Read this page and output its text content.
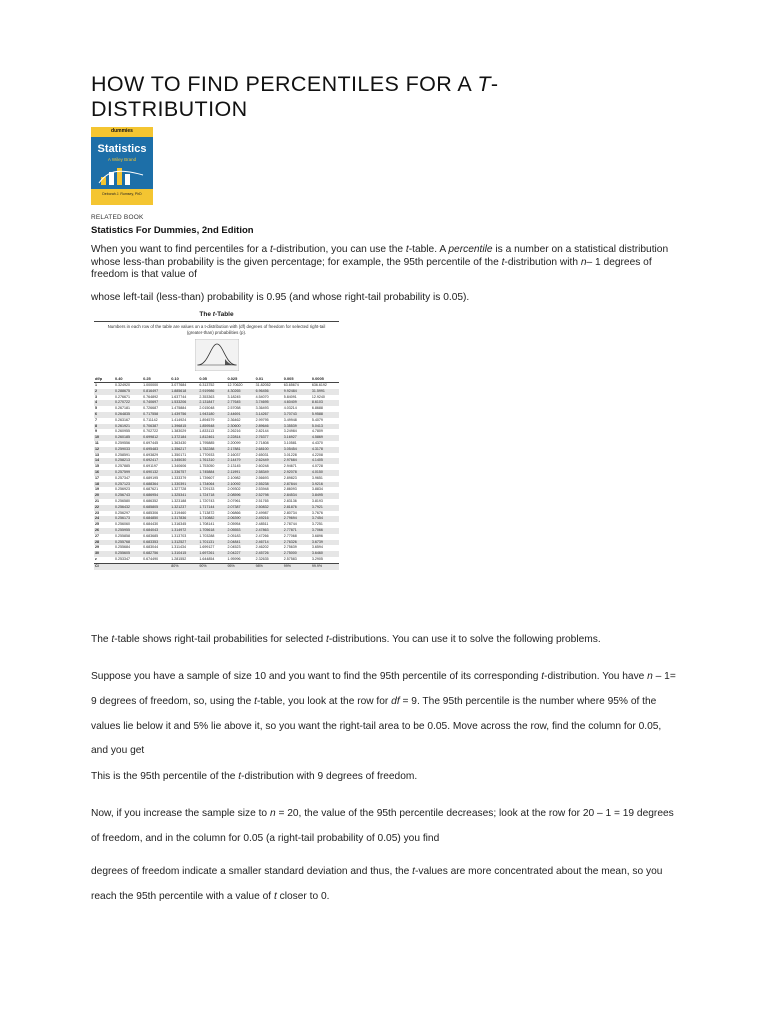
HOW TO FIND PERCENTILES FOR A T-
DISTRIBUTION
dummies
Statistics
A Wiley Brand
Deborah J. Rumsey, PhD
RELATED BOOK
Statistics For Dummies, 2nd Edition

When you want to find percentiles for a t-distribution, you can use the t-table. A percentile is a number on a statistical distribution whose less-than probability is the given percentage; for example, the 95th percentile of the t-distribution with n– 1 degrees of freedom is that value of

whose left-tail (less-than) probability is 0.95 (and whose right-tail probability is 0.05).

The t-Table
Numbers in each row of the table are values on a t-distribution with (df) degrees of freedom for selected right-tail (greater-than) probabilities (p).
df/p	0.40	0.25	0.10	0.05	0.025	0.01	0.005	0.0005
1	0.324920	1.000000	3.077684	6.313752	12.70620	31.82052	63.65674	636.6192
2	0.288675	0.816497	1.885618	2.919986	4.30265	6.96456	9.92484	31.5991
3	0.276671	0.764892	1.637744	2.353363	3.18245	4.54070	5.84091	12.9240
4	0.270722	0.740697	1.533206	2.131847	2.77645	3.74695	4.60409	8.6103
5	0.267181	0.726687	1.475884	2.015048	2.57058	3.36493	4.03214	6.8688
6	0.264835	0.717558	1.439756	1.943180	2.44691	3.14267	3.70743	5.9588
7	0.263167	0.711142	1.414924	1.894579	2.36462	2.99795	3.49948	5.4079
8	0.261921	0.706387	1.396815	1.859548	2.30600	2.89646	3.35539	5.0413
9	0.260955	0.702722	1.383029	1.833113	2.26216	2.82144	3.24984	4.7809
10	0.260185	0.699812	1.372184	1.812461	2.22814	2.76377	3.16927	4.5869
11	0.259556	0.697445	1.363430	1.795885	2.20099	2.71808	3.10581	4.4370
12	0.259033	0.695483	1.356217	1.782288	2.17881	2.68100	3.05454	4.3178
13	0.258591	0.693829	1.350171	1.770933	2.16037	2.65031	3.01228	4.2208
14	0.258213	0.692417	1.345030	1.761310	2.14479	2.62449	2.97684	4.1405
15	0.257885	0.691197	1.340606	1.753050	2.13145	2.60248	2.94671	4.0728
16	0.257599	0.690132	1.336757	1.745884	2.11991	2.58349	2.92078	4.0150
17	0.257347	0.689195	1.333379	1.739607	2.10982	2.56693	2.89823	3.9651
18	0.257123	0.688364	1.330391	1.734064	2.10092	2.55238	2.87844	3.9216
19	0.256923	0.687621	1.327728	1.729133	2.09302	2.53948	2.86093	3.8834
20	0.256743	0.686954	1.325341	1.724718	2.08596	2.52798	2.84534	3.8495
21	0.256580	0.686352	1.323188	1.720743	2.07961	2.51765	2.83136	3.8193
22	0.256432	0.685805	1.321237	1.717144	2.07387	2.50832	2.81876	3.7921
23	0.256297	0.685306	1.319460	1.713872	2.06866	2.49987	2.80734	3.7676
24	0.256173	0.684850	1.317836	1.710882	2.06390	2.49216	2.79694	3.7454
25	0.256060	0.684430	1.316345	1.708141	2.05954	2.48511	2.78744	3.7251
26	0.255955	0.684043	1.314972	1.705618	2.05553	2.47863	2.77871	3.7066
27	0.255858	0.683685	1.313703	1.703288	2.05183	2.47266	2.77068	3.6896
28	0.255768	0.683353	1.312527	1.701131	2.04841	2.46714	2.76326	3.6739
29	0.255684	0.683044	1.311434	1.699127	2.04523	2.46202	2.75639	3.6594
30	0.255605	0.682756	1.310415	1.697261	2.04227	2.45726	2.75000	3.6460
z	0.253347	0.674490	1.281552	1.644854	1.95996	2.32635	2.57583	3.2905
CI			80%	90%	95%	98%	99%	99.9%

The t-table shows right-tail probabilities for selected t-distributions. You can use it to solve the following problems.

Suppose you have a sample of size 10 and you want to find the 95th percentile of its corresponding t-distribution. You have n – 1= 9 degrees of freedom, so, using the t-table, you look at the row for df = 9. The 95th percentile is the number where 95% of the values lie below it and 5% lie above it, so you want the right-tail area to be 0.05. Move across the row, find the column for 0.05, and you get

This is the 95th percentile of the t-distribution with 9 degrees of freedom.

Now, if you increase the sample size to n = 20, the value of the 95th percentile decreases; look at the row for 20 – 1 = 19 degrees of freedom, and in the column for 0.05 (a right-tail probability of 0.05) you find

degrees of freedom indicate a smaller standard deviation and thus, the t-values are more concentrated about the mean, so you reach the 95th percentile with a value of t closer to 0.
